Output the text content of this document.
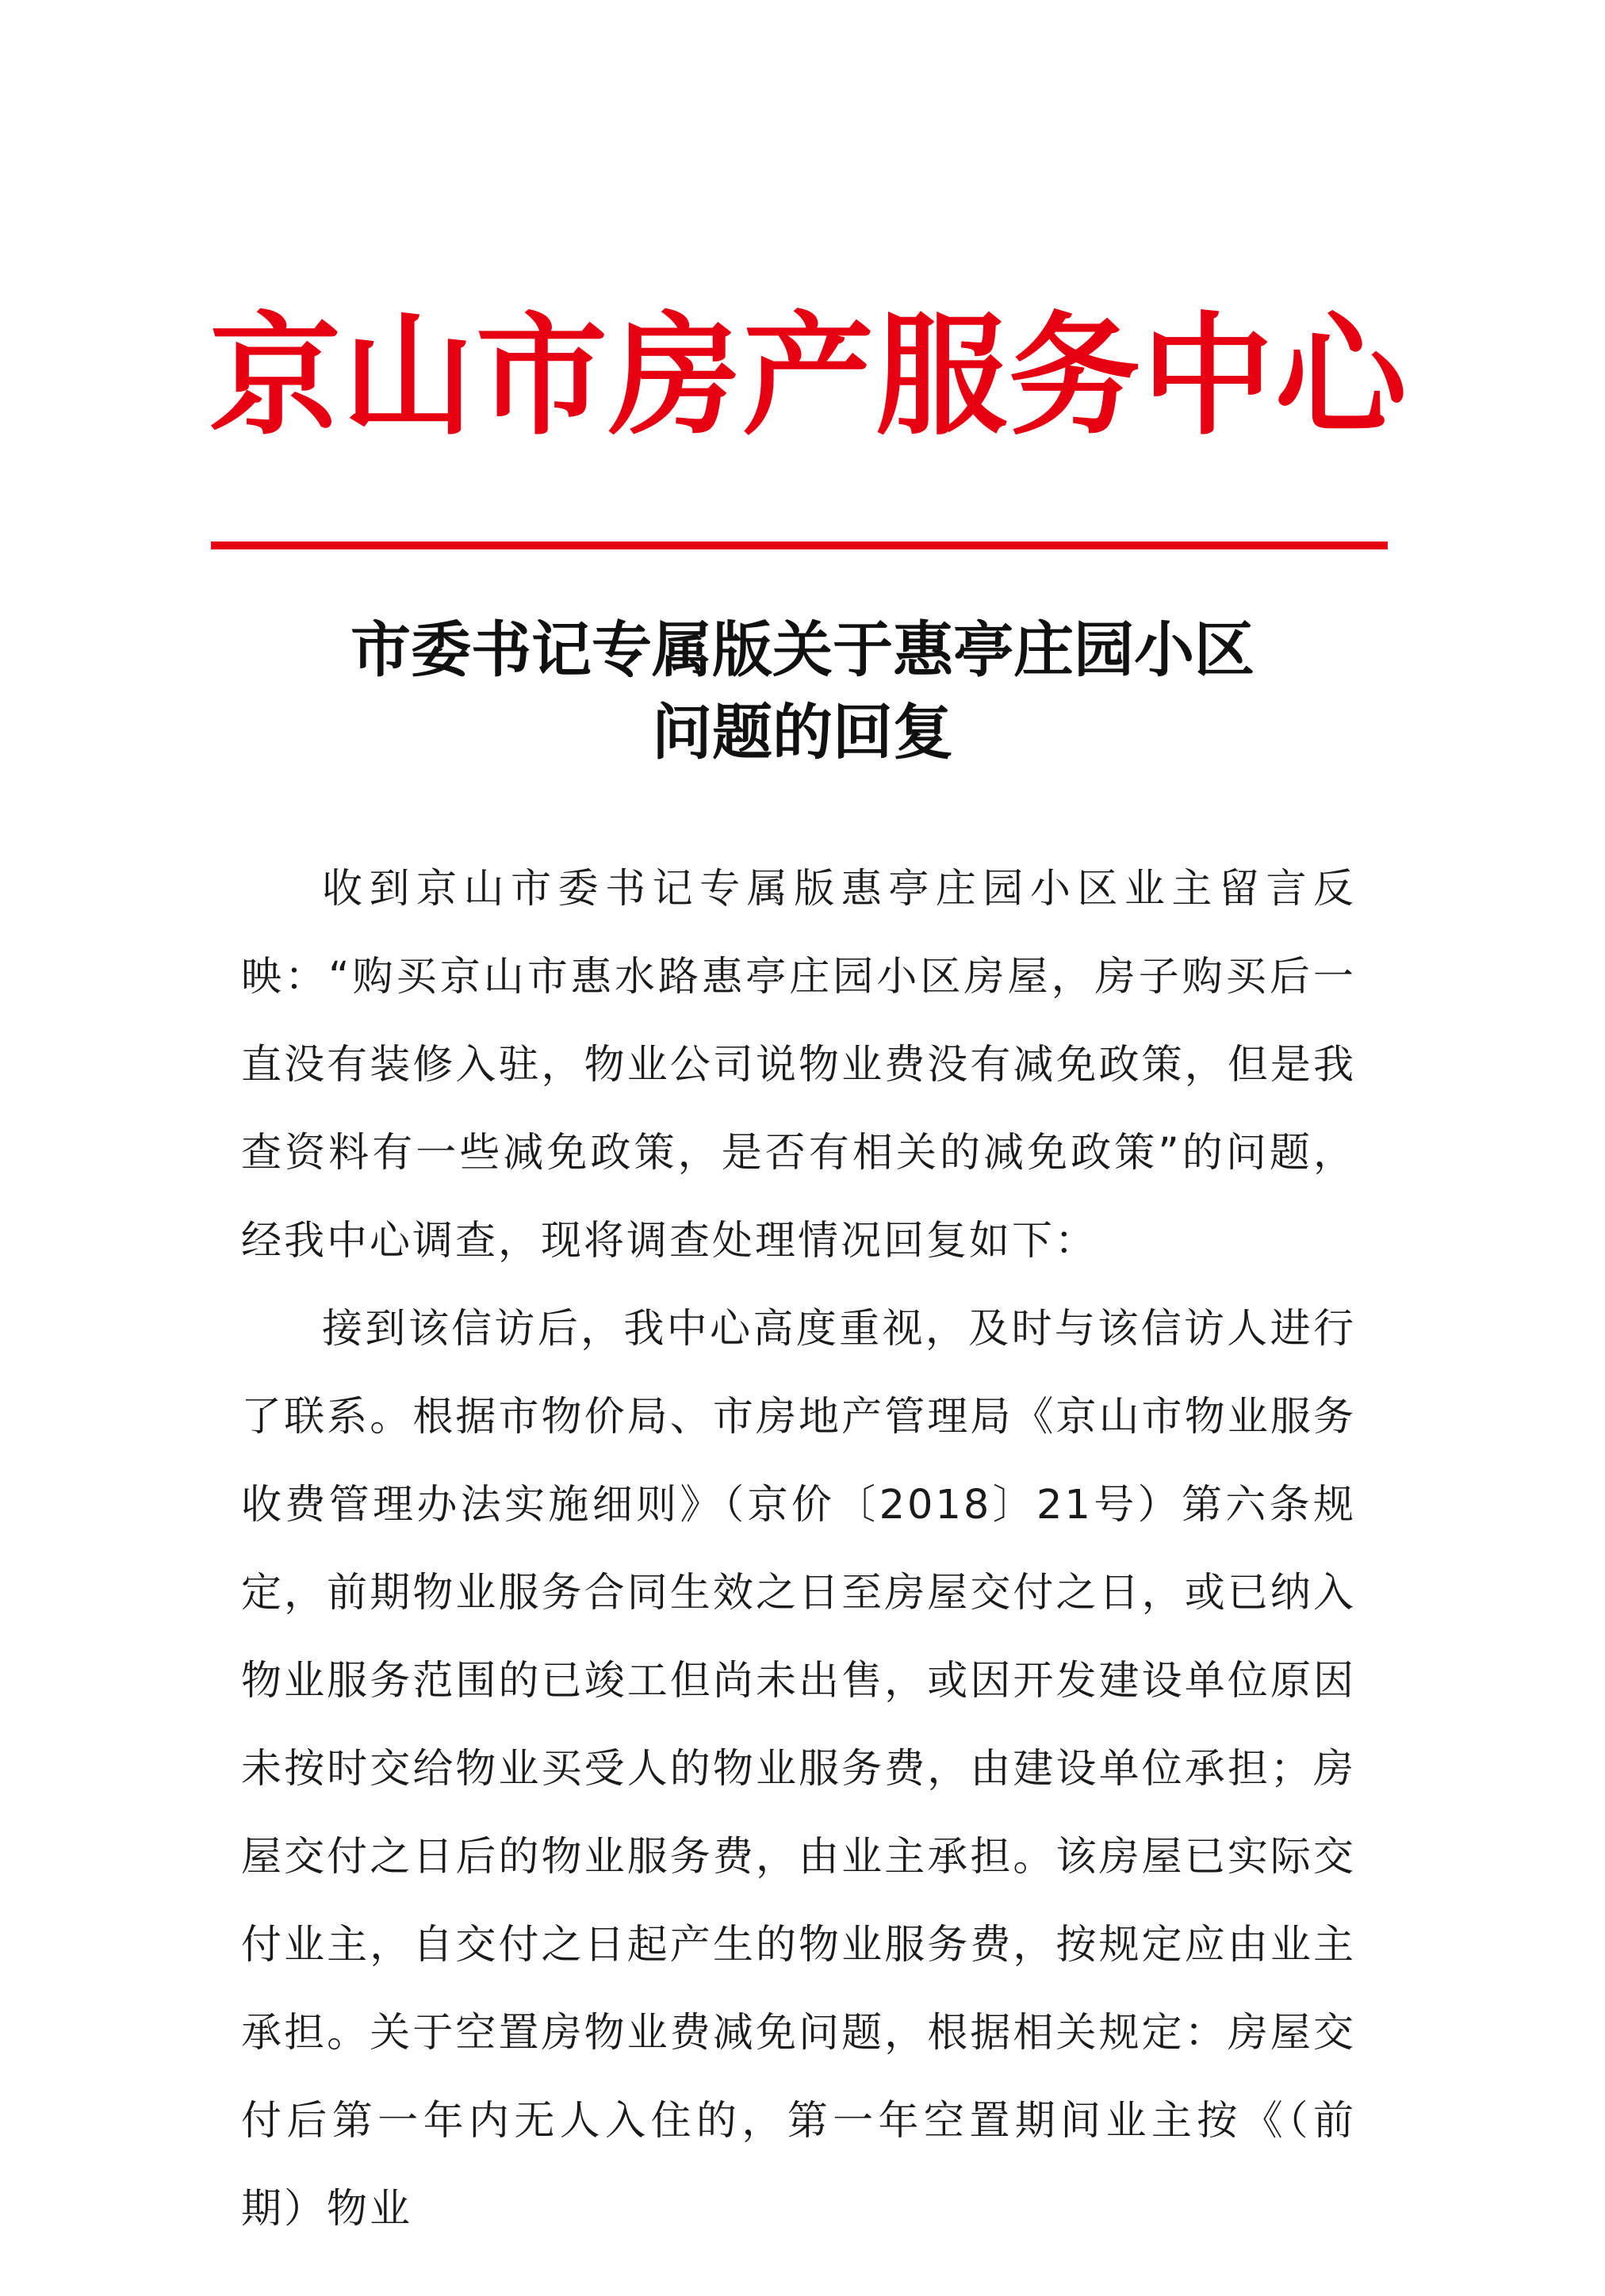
京山市房产服务中心
市委书记专属版关于惠亭庄园小区
问题的回复

收到京山市委书记专属版惠亭庄园小区业主留言反映：“购买京山市惠水路惠亭庄园小区房屋，房子购买后一直没有装修入驻，物业公司说物业费没有减免政策，但是我查资料有一些减免政策，是否有相关的减免政策”的问题，经我中心调查，现将调查处理情况回复如下：

接到该信访后，我中心高度重视，及时与该信访人进行了联系。根据市物价局、市房地产管理局《京山市物业服务收费管理办法实施细则》（京价〔2018〕21号）第六条规定，前期物业服务合同生效之日至房屋交付之日，或已纳入物业服务范围的已竣工但尚未出售，或因开发建设单位原因未按时交给物业买受人的物业服务费，由建设单位承担；房屋交付之日后的物业服务费，由业主承担。该房屋已实际交付业主，自交付之日起产生的物业服务费，按规定应由业主承担。关于空置房物业费减免问题，根据相关规定：房屋交付后第一年内无人入住的，第一年空置期间业主按《（前期）物业
